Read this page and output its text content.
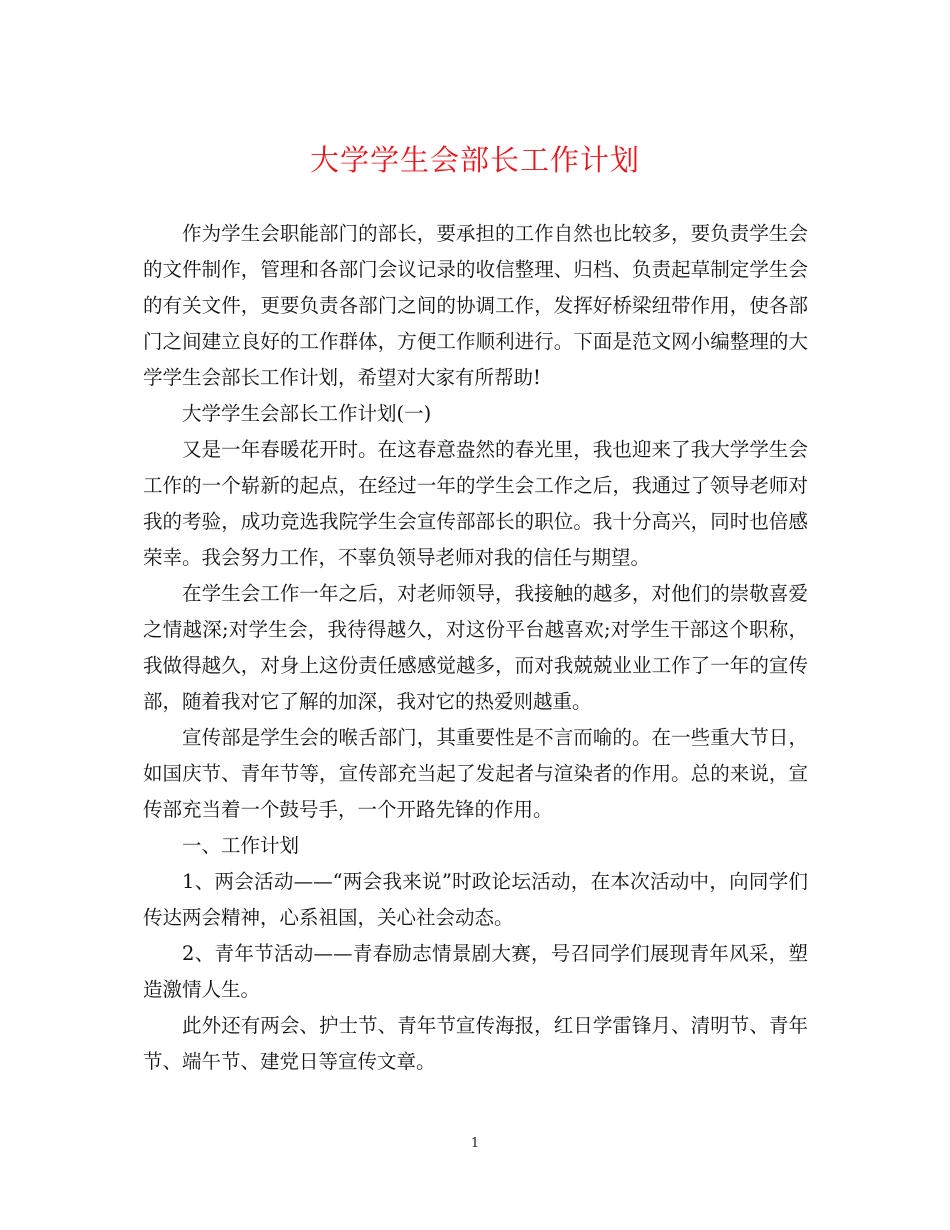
大学学生会部长工作计划

作为学生会职能部门的部长，要承担的工作自然也比较多，要负责学生会的文件制作，管理和各部门会议记录的收信整理、归档、负责起草制定学生会的有关文件，更要负责各部门之间的协调工作，发挥好桥梁纽带作用，使各部门之间建立良好的工作群体，方便工作顺利进行。下面是范文网小编整理的大学学生会部长工作计划，希望对大家有所帮助!

大学学生会部长工作计划(一)

又是一年春暖花开时。在这春意盎然的春光里，我也迎来了我大学学生会工作的一个崭新的起点，在经过一年的学生会工作之后，我通过了领导老师对我的考验，成功竞选我院学生会宣传部部长的职位。我十分高兴，同时也倍感荣幸。我会努力工作，不辜负领导老师对我的信任与期望。

在学生会工作一年之后，对老师领导，我接触的越多，对他们的崇敬喜爱之情越深;对学生会，我待得越久，对这份平台越喜欢;对学生干部这个职称，我做得越久，对身上这份责任感感觉越多，而对我兢兢业业工作了一年的宣传部，随着我对它了解的加深，我对它的热爱则越重。

宣传部是学生会的喉舌部门，其重要性是不言而喻的。在一些重大节日，如国庆节、青年节等，宣传部充当起了发起者与渲染者的作用。总的来说，宣传部充当着一个鼓号手，一个开路先锋的作用。

一、工作计划

1、两会活动——“两会我来说”时政论坛活动，在本次活动中，向同学们传达两会精神，心系祖国，关心社会动态。

2、青年节活动——青春励志情景剧大赛，号召同学们展现青年风采，塑造激情人生。

此外还有两会、护士节、青年节宣传海报，红日学雷锋月、清明节、青年节、端午节、建党日等宣传文章。

1
